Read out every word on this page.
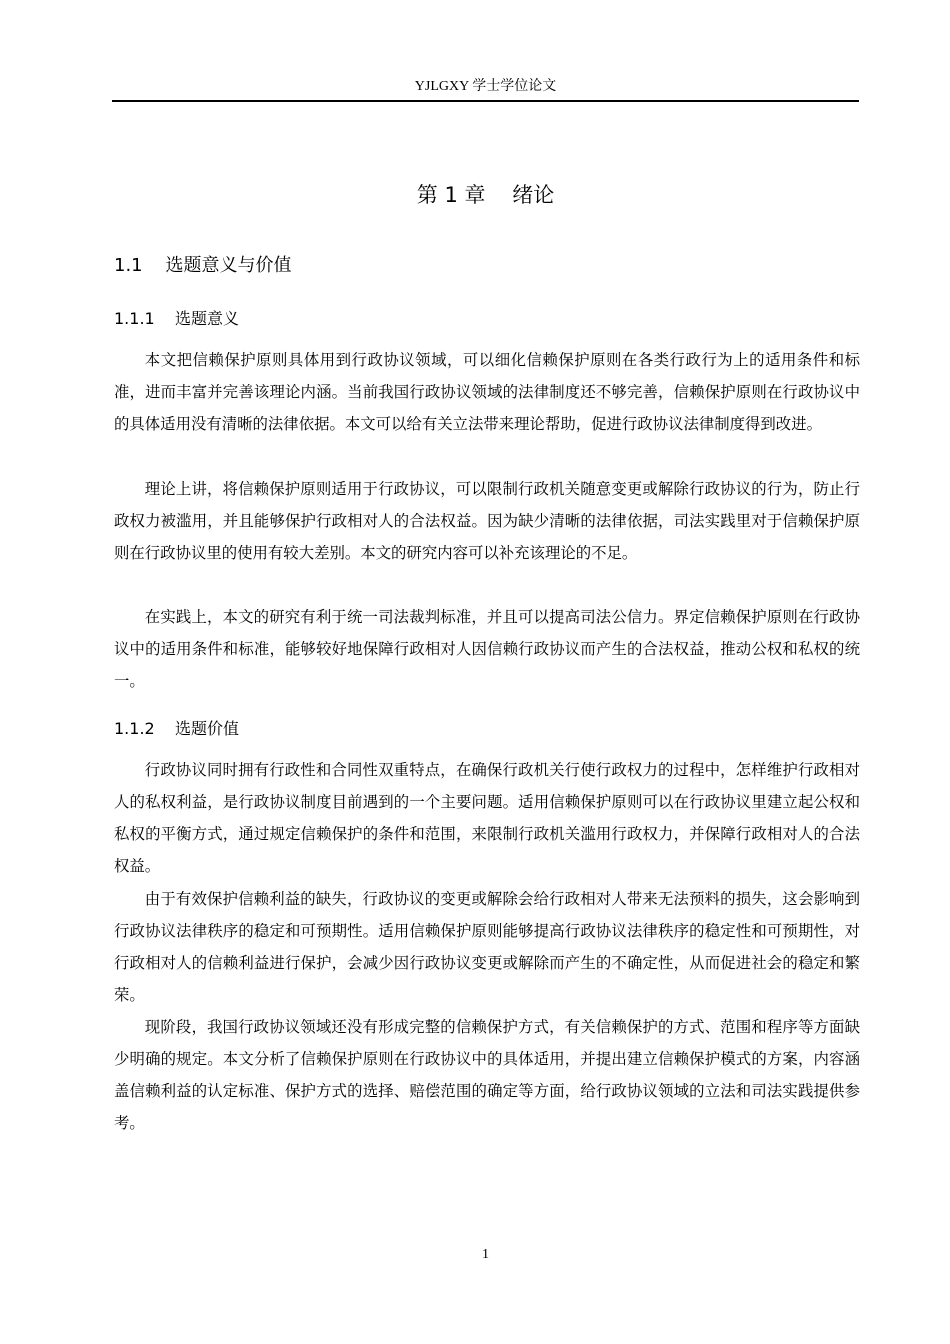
YJLGXY 学士学位论文
第 1 章    绪论
1.1    选题意义与价值
1.1.1    选题意义

本文把信赖保护原则具体用到行政协议领域，可以细化信赖保护原则在各类行政行为上的适用条件和标准，进而丰富并完善该理论内涵。当前我国行政协议领域的法律制度还不够完善，信赖保护原则在行政协议中的具体适用没有清晰的法律依据。本文可以给有关立法带来理论帮助，促进行政协议法律制度得到改进。

理论上讲，将信赖保护原则适用于行政协议，可以限制行政机关随意变更或解除行政协议的行为，防止行政权力被滥用，并且能够保护行政相对人的合法权益。因为缺少清晰的法律依据，司法实践里对于信赖保护原则在行政协议里的使用有较大差别。本文的研究内容可以补充该理论的不足。

在实践上，本文的研究有利于统一司法裁判标准，并且可以提高司法公信力。界定信赖保护原则在行政协议中的适用条件和标准，能够较好地保障行政相对人因信赖行政协议而产生的合法权益，推动公权和私权的统一。

1.1.2    选题价值

行政协议同时拥有行政性和合同性双重特点，在确保行政机关行使行政权力的过程中，怎样维护行政相对人的私权利益，是行政协议制度目前遇到的一个主要问题。适用信赖保护原则可以在行政协议里建立起公权和私权的平衡方式，通过规定信赖保护的条件和范围，来限制行政机关滥用行政权力，并保障行政相对人的合法权益。

由于有效保护信赖利益的缺失，行政协议的变更或解除会给行政相对人带来无法预料的损失，这会影响到行政协议法律秩序的稳定和可预期性。适用信赖保护原则能够提高行政协议法律秩序的稳定性和可预期性，对行政相对人的信赖利益进行保护，会减少因行政协议变更或解除而产生的不确定性，从而促进社会的稳定和繁荣。

现阶段，我国行政协议领域还没有形成完整的信赖保护方式，有关信赖保护的方式、范围和程序等方面缺少明确的规定。本文分析了信赖保护原则在行政协议中的具体适用，并提出建立信赖保护模式的方案，内容涵盖信赖利益的认定标准、保护方式的选择、赔偿范围的确定等方面，给行政协议领域的立法和司法实践提供参考。

1
